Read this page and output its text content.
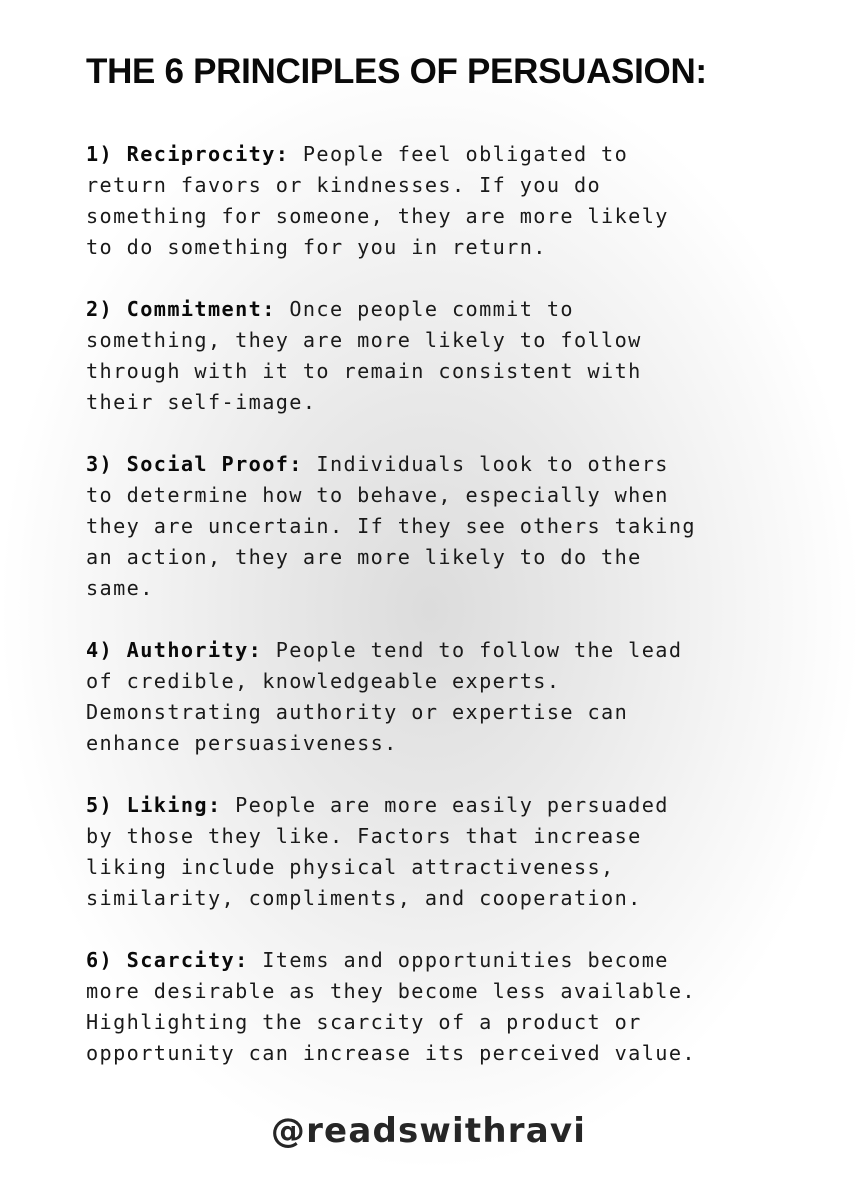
THE 6 PRINCIPLES OF PERSUASION:
1) Reciprocity: People feel obligated to
return favors or kindnesses. If you do
something for someone, they are more likely
to do something for you in return.
2) Commitment: Once people commit to
something, they are more likely to follow
through with it to remain consistent with
their self-image.
3) Social Proof: Individuals look to others
to determine how to behave, especially when
they are uncertain. If they see others taking
an action, they are more likely to do the
same.
4) Authority: People tend to follow the lead
of credible, knowledgeable experts.
Demonstrating authority or expertise can
enhance persuasiveness.
5) Liking: People are more easily persuaded
by those they like. Factors that increase
liking include physical attractiveness,
similarity, compliments, and cooperation.
6) Scarcity: Items and opportunities become
more desirable as they become less available.
Highlighting the scarcity of a product or
opportunity can increase its perceived value.
@readswithravi
